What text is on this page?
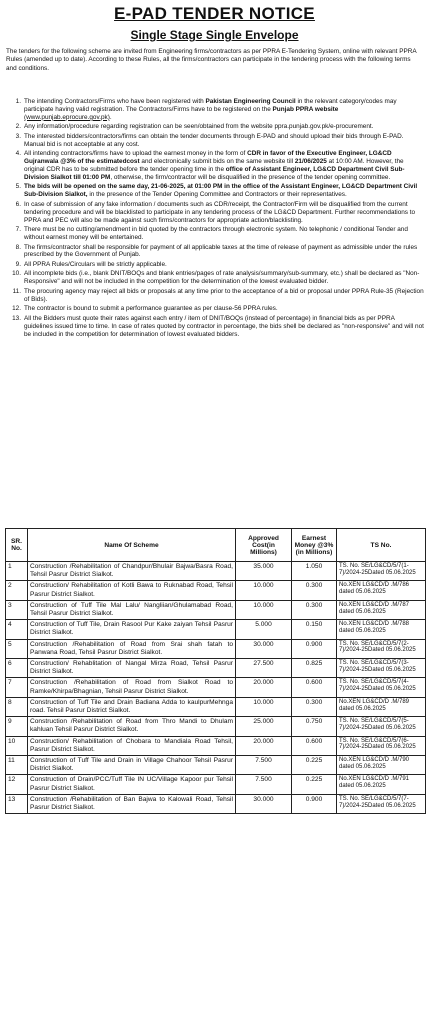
E-PAD TENDER NOTICE
Single Stage Single Envelope
The tenders for the following scheme are invited from Engineering firms/contractors as per PPRA E-Tendering System, online with relevant PPRA Rules (amended up to date). According to these Rules, all the firms/contractors can participate in the tendering process with the following terms and conditions.
1. The intending Contractors/Firms who have been registered with Pakistan Engineering Council in the relevant category/codes may participate having valid registration. The Contractors/Firms have to be registered on the Punjab PPRA website (www.punjab.eprocure.gov.pk).
2. Any information/procedure regarding registration can be seen/obtained from the website ppra.punjab.gov.pk/e-procurement.
3. The interested bidders/contractors/firms can obtain the tender documents through E-PAD and should upload their bids through E-PAD. Manual bid is not acceptable at any cost.
4. All intending contractors/firms have to upload the earnest money in the form of CDR in favor of the Executive Engineer, LG&CD Gujranwala @3% of the estimatedcost and electronically submit bids on the same website till 21/06/2025 at 10:00 AM. However, the original CDR has to be submitted before the tender opening time in the office of Assistant Engineer, LG&CD Department Civil Sub-Division Sialkot till 01:00 PM, otherwise, the firm/contractor will be disqualified in the presence of the tender opening committee.
5. The bids will be opened on the same day, 21-06-2025, at 01:00 PM in the office of the Assistant Engineer, LG&CD Department Civil Sub-Division Sialkot, in the presence of the Tender Opening Committee and Contractors or their representatives.
6. In case of submission of any fake information / documents such as CDR/receipt, the Contractor/Firm will be disqualified from the current tendering procedure and will be blacklisted to participate in any tendering process of the LG&CD Department. Further recommendations to PPRA and PEC will also be made against such firms/contractors for appropriate action/blacklisting.
7. There must be no cutting/amendment in bid quoted by the contractors through electronic system. No telephonic / conditional Tender and without earnest money will be entertained.
8. The firms/contractor shall be responsible for payment of all applicable taxes at the time of release of payment as admissible under the rules prescribed by the Government of Punjab.
9. All PPRA Rules/Circulars will be strictly applicable.
10. All incomplete bids (i.e., blank DNIT/BOQs and blank entries/pages of rate analysis/summary/sub-summary, etc.) shall be declared as "Non-Responsive" and will not be included in the competition for the determination of the lowest evaluated bidder.
11. The procuring agency may reject all bids or proposals at any time prior to the acceptance of a bid or proposal under PPRA Rule-35 (Rejection of Bids).
12. The contractor is bound to submit a performance guarantee as per clause-56 PPRA rules.
13. All the Bidders must quote their rates against each entry / item of DNIT/BOQs (instead of percentage) in financial bids as per PPRA guidelines issued time to time. In case of rates quoted by contractor in percentage, the bids shell be declared as "non-responsive" and will not be included in the competition for determination of lowest evaluated bidders.
SR. No.	Name Of Scheme	Approved Cost(in Millions)	Earnest Money @3%(in Millions)	TS No.
1	Construction /Rehabilitation of Chandpur/Bhulair Bajwa/Basra Road, Tehsil Pasrur District Sialkot.	35.000	1.050	TS. No. SE/LG&CD/5/7(1-7)/2024-25Dated 05.06.2025
2	Construction/ Rehabilitation of Kotli Bawa to Ruknabad Road, Tehsil Pasrur District Sialkot.	10.000	0.300	No.XEN LG&CD/D .M/786 dated 05.06.2025
3	Construction of Tuff Tile Mal Lalu/ Nangliian/Ghulamabad Road, Tehsil Pasrur District Sialkot.	10.000	0.300	No.XEN LG&CD/D .M/787 dated 05.06.2025
4	Construction of Tuff Tile, Drain Rasool Pur Kake zaiyan Tehsil Pasrur District Sialkot.	5.000	0.150	No.XEN LG&CD/D .M/788 dated 05.06.2025
5	Construction /Rehabilitation of Road from Srai shah fatah to Panwana Road, Tehsil Pasrur District Sialkot.	30.000	0.900	TS. No. SE/LG&CD/5/7(2-7)/2024-25Dated 05.06.2025
6	Construction/ Rehablitation of Nangal Mirza Road, Tehsil Pasrur District Sialkot.	27.500	0.825	TS. No. SE/LG&CD/5/7(3-7)/2024-25Dated 05.06.2025
7	Construction /Rehabilitation of Road from Sialkot Road to Ramke/Khirpa/Bhagnian, Tehsil Pasrur District Sialkot.	20.000	0.600	TS. No. SE/LG&CD/5/7(4-7)/2024-25Dated 05.06.2025
8	Construction of Tuff Tile and Drain Badiana Adda to kaulpurMehnga road. Tehsil Pasrur District Sialkot.	10.000	0.300	No.XEN LG&CD/D .M/789 dated 05.06.2025
9	Construction /Rehabilitation of Road from Thro Mandi to Dhulam kahluan Tehsil Pasrur District Sialkot.	25.000	0.750	TS. No. SE/LG&CD/5/7(5-7)/2024-25Dated 05.06.2025
10	Construction/ Rehabilitation of Chobara to Mandiala Road Tehsil, Pasrur District Sialkot.	20.000	0.600	TS. No. SE/LG&CD/5/7(6-7)/2024-25Dated 05.06.2025
11	Construction of Tuff Tile and Drain in Village Chahoor Tehsil Pasrur District Sialkot.	7.500	0.225	No.XEN LG&CD/D .M/790 dated 05.06.2025
12	Construction of Drain/PCC/Tuff Tile IN UC/Village Kapoor pur Tehsil Pasrur District Sialkot.	7.500	0.225	No.XEN LG&CD/D .M/791 dated 05.06.2025
13	Construction /Rehabilitation of Ban Bajwa to Kalowali Road, Tehsil Pasrur District Sialkot.	30.000	0.900	TS. No. SE/LG&CD/5/7(7-7)/2024-25Dated 05.06.2025
